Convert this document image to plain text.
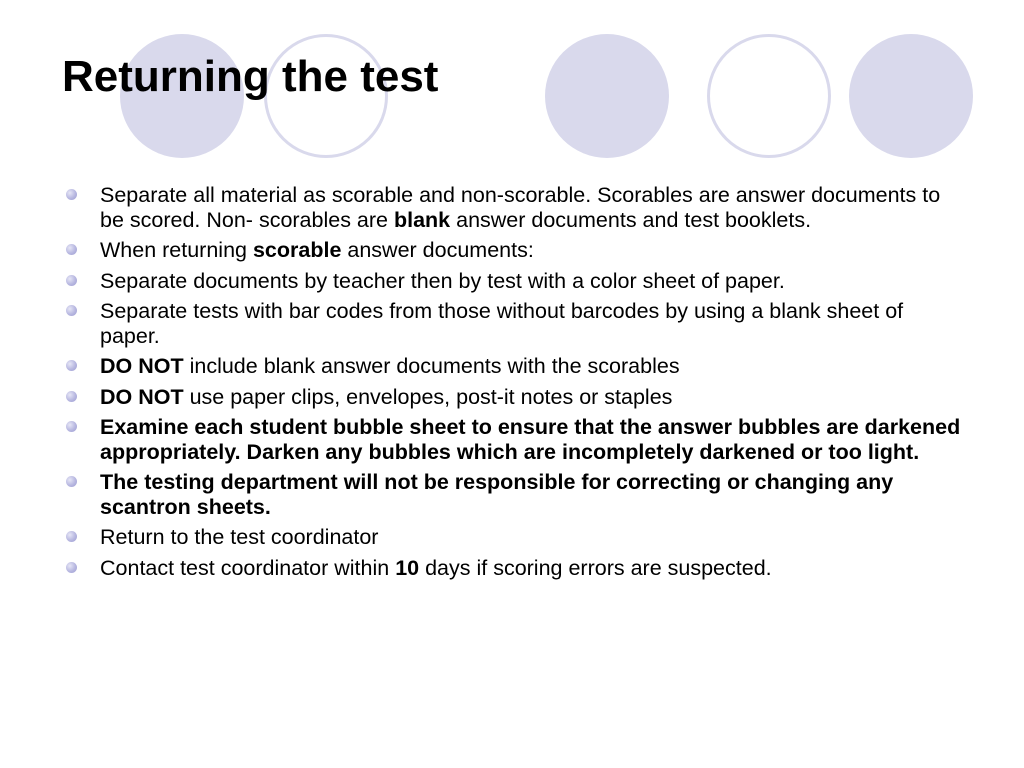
Returning the test
Separate all material as scorable and non-scorable. Scorables are answer documents to be scored. Non- scorables are blank answer documents and test booklets.
When returning scorable answer documents:
Separate documents by teacher then by test with a color sheet of paper.
Separate tests with bar codes from those without barcodes by using a blank sheet of paper.
DO NOT include blank answer documents with the scorables
DO NOT use paper clips, envelopes, post-it notes or staples
Examine each student bubble sheet to ensure that the answer bubbles are darkened appropriately. Darken any bubbles which are incompletely darkened or too light.
The testing department will not be responsible for correcting or changing any scantron sheets.
Return to the test coordinator
Contact test coordinator within 10 days if scoring errors are suspected.
